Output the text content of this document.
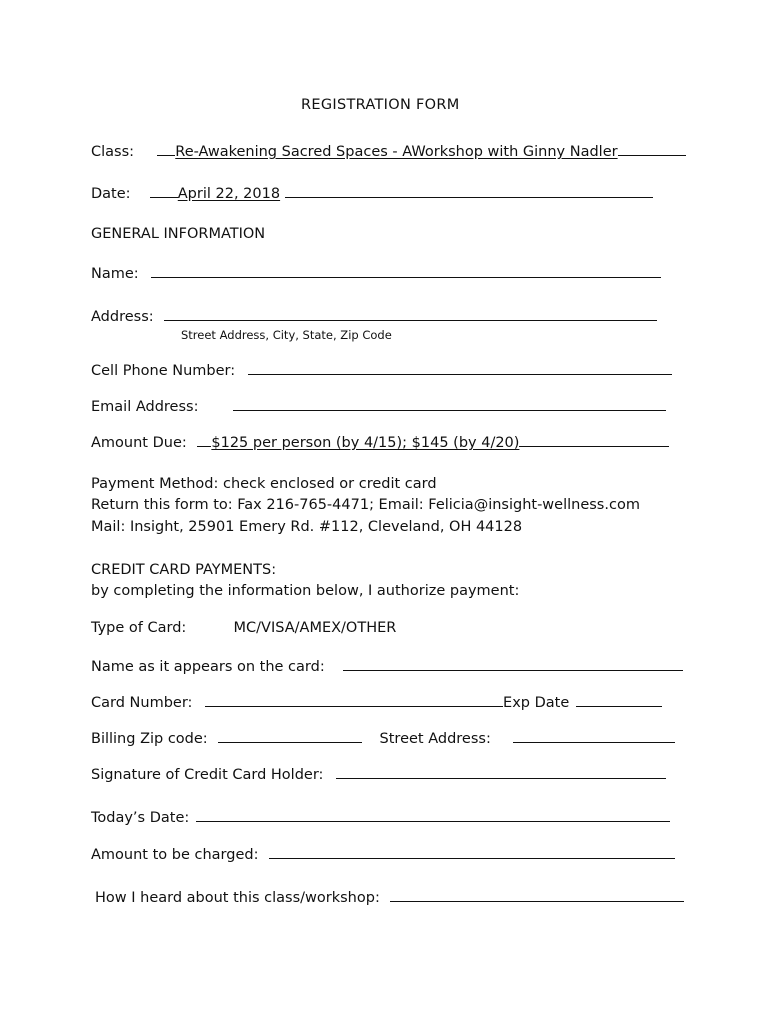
REGISTRATION FORM
Class:	Re-Awakening Sacred Spaces - AWorkshop with Ginny Nadler
Date:	April 22, 2018
GENERAL INFORMATION
Name:
Address:
Street Address, City, State, Zip Code
Cell Phone Number:
Email Address:
Amount Due: $125 per person (by 4/15); $145 (by 4/20)
Payment Method: check enclosed or credit card
Return this form to: Fax 216-765-4471; Email: Felicia@insight-wellness.com
Mail: Insight, 25901 Emery Rd. #112, Cleveland, OH 44128
CREDIT CARD PAYMENTS:
by completing the information below, I authorize payment:
Type of Card:	MC/VISA/AMEX/OTHER
Name as it appears on the card:
Card Number:	Exp Date
Billing Zip code:	Street Address:
Signature of Credit Card Holder:
Today’s Date:
Amount to be charged:
How I heard about this class/workshop:
